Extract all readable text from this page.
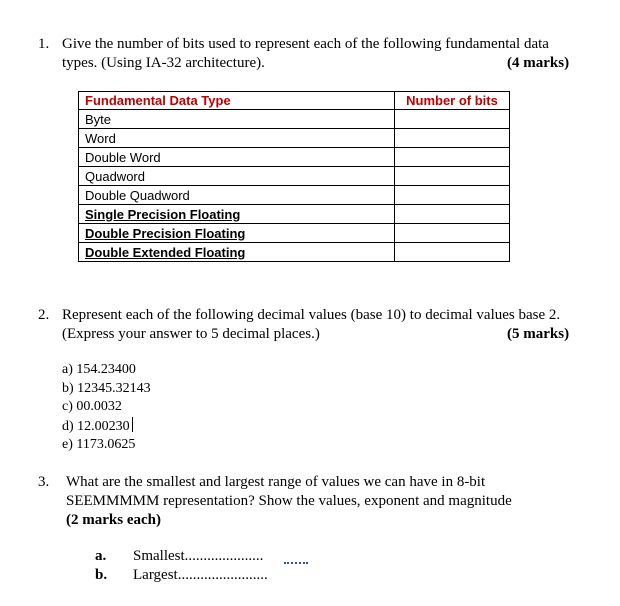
1. Give the number of bits used to represent each of the following fundamental data
types. (Using IA-32 architecture).	(4 marks)
Fundamental Data Type	Number of bits
Byte	
Word	
Double Word	
Quadword	
Double Quadword	
Single Precision Floating	
Double Precision Floating	
Double Extended Floating	
2. Represent each of the following decimal values (base 10) to decimal values base 2.
(Express your answer to 5 decimal places.)	(5 marks)
a) 154.23400
b) 12345.32143
c) 00.0032
d) 12.00230
e) 1173.0625
3. What are the smallest and largest range of values we can have in 8-bit
SEEMMMMM representation? Show the values, exponent and magnitude
(2 marks each)
a. Smallest.....................
b. Largest........................
